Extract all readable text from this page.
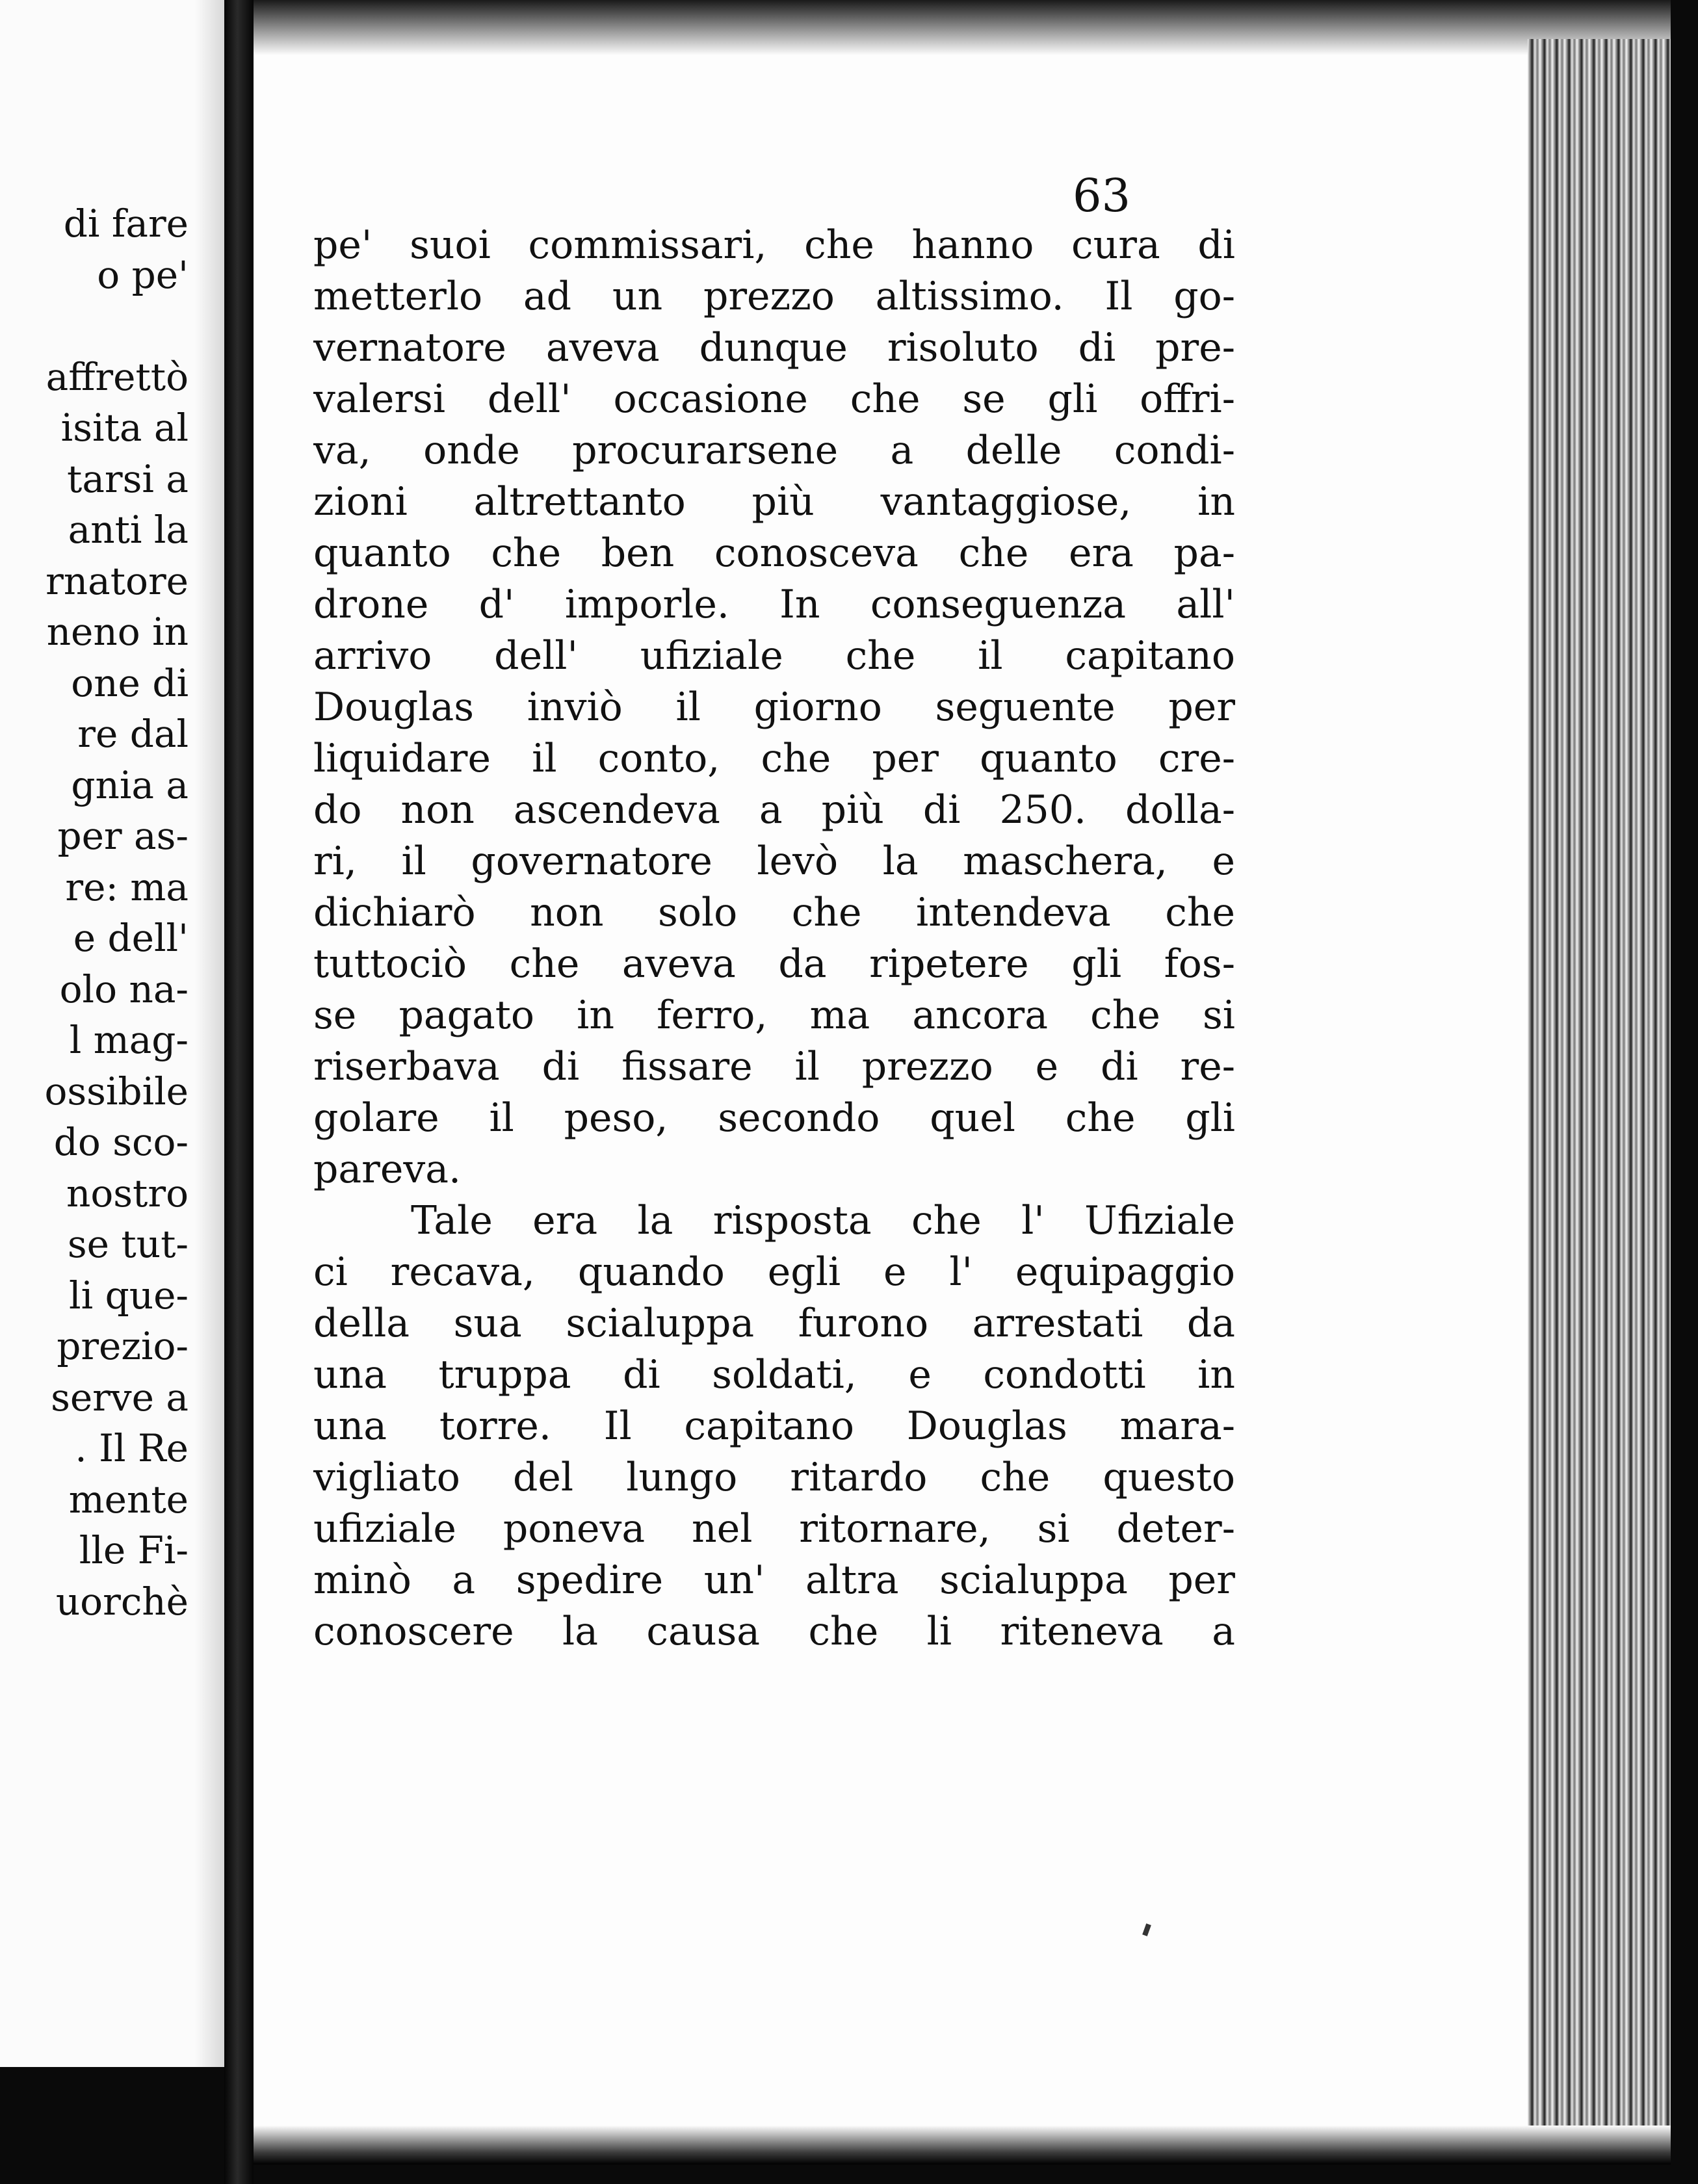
di fare
o pe'
affrettò
isita al
tarsi a
anti la
rnatore
neno in
one di
re dal
gnia a
per as-
re: ma
e dell'
olo na-
l mag-
ossibile
do sco-
nostro
se tut-
li que-
prezio-
serve a
. Il Re
mente
lle Fi-
uorchè
63
pe' suoi commissari, che hanno cura di
metterlo ad un prezzo altissimo. Il go-
vernatore aveva dunque risoluto di pre-
valersi dell' occasione che se gli offri-
va, onde procurarsene a delle condi-
zioni altrettanto più vantaggiose, in
quanto che ben conosceva che era pa-
drone d' imporle. In conseguenza all'
arrivo dell' ufiziale che il capitano
Douglas inviò il giorno seguente per
liquidare il conto, che per quanto cre-
do non ascendeva a più di 250. dolla-
ri, il governatore levò la maschera, e
dichiarò non solo che intendeva che
tuttociò che aveva da ripetere gli fos-
se pagato in ferro, ma ancora che si
riserbava di fissare il prezzo e di re-
golare il peso, secondo quel che gli
pareva.
Tale era la risposta che l' Ufiziale
ci recava, quando egli e l' equipaggio
della sua scialuppa furono arrestati da
una truppa di soldati, e condotti in
una torre. Il capitano Douglas mara-
vigliato del lungo ritardo che questo
ufiziale poneva nel ritornare, si deter-
minò a spedire un' altra scialuppa per
conoscere la causa che li riteneva a
